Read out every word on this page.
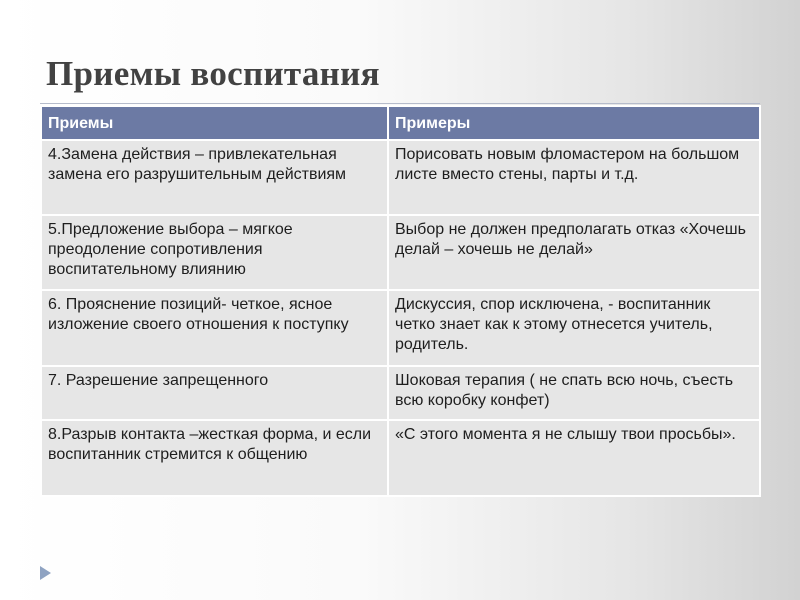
Приемы воспитания
Приемы	Примеры
4.Замена действия – привлекательная замена его разрушительным действиям	Порисовать новым фломастером на большом листе вместо стены, парты и т.д.
5.Предложение выбора – мягкое преодоление сопротивления воспитательному влиянию	Выбор не должен предполагать отказ «Хочешь делай – хочешь не делай»
6. Прояснение позиций- четкое, ясное изложение своего отношения к поступку	Дискуссия, спор исключена, - воспитанник четко знает как к этому отнесется учитель, родитель.
7. Разрешение запрещенного	Шоковая терапия ( не спать всю ночь, съесть всю коробку конфет)
8.Разрыв контакта –жесткая форма, и если воспитанник стремится к общению	«С этого момента я не слышу твои просьбы».
